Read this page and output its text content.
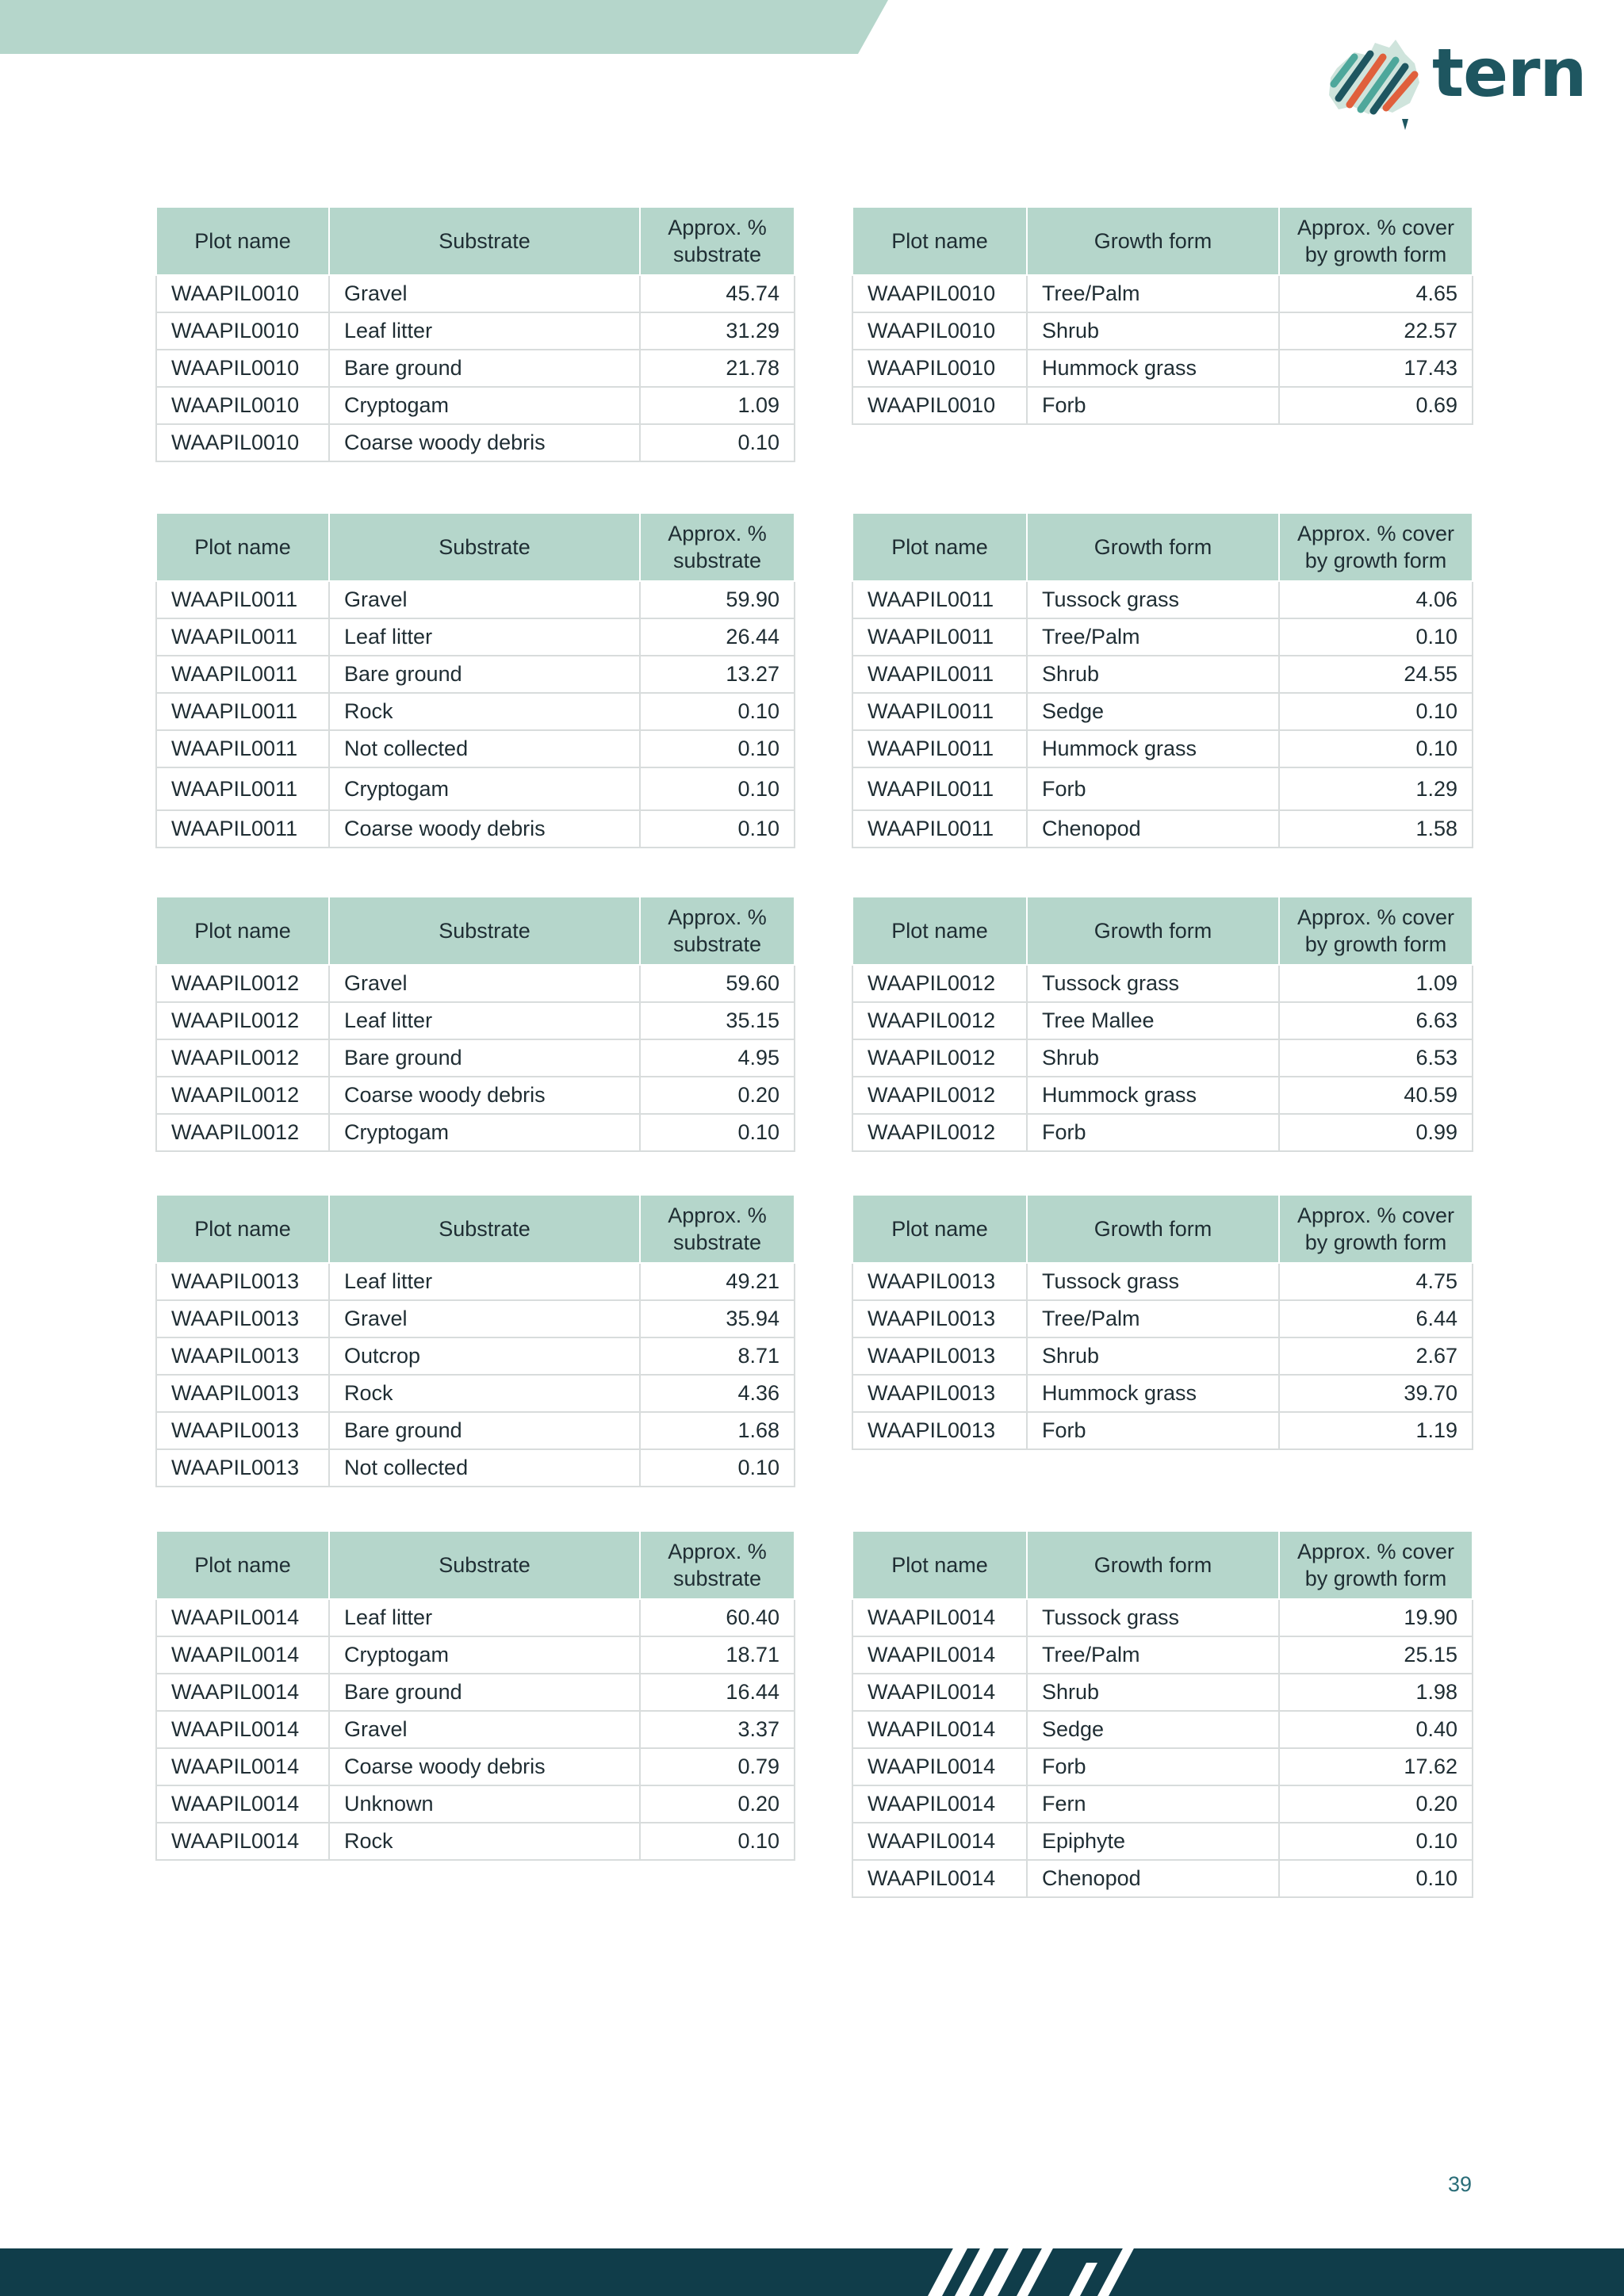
tern
Plot name	Substrate	Approx. % substrate
WAAPIL0010	Gravel	45.74
WAAPIL0010	Leaf litter	31.29
WAAPIL0010	Bare ground	21.78
WAAPIL0010	Cryptogam	1.09
WAAPIL0010	Coarse woody debris	0.10
Plot name	Growth form	Approx. % cover by growth form
WAAPIL0010	Tree/Palm	4.65
WAAPIL0010	Shrub	22.57
WAAPIL0010	Hummock grass	17.43
WAAPIL0010	Forb	0.69
Plot name	Substrate	Approx. % substrate
WAAPIL0011	Gravel	59.90
WAAPIL0011	Leaf litter	26.44
WAAPIL0011	Bare ground	13.27
WAAPIL0011	Rock	0.10
WAAPIL0011	Not collected	0.10
WAAPIL0011	Cryptogam	0.10
WAAPIL0011	Coarse woody debris	0.10
Plot name	Growth form	Approx. % cover by growth form
WAAPIL0011	Tussock grass	4.06
WAAPIL0011	Tree/Palm	0.10
WAAPIL0011	Shrub	24.55
WAAPIL0011	Sedge	0.10
WAAPIL0011	Hummock grass	0.10
WAAPIL0011	Forb	1.29
WAAPIL0011	Chenopod	1.58
Plot name	Substrate	Approx. % substrate
WAAPIL0012	Gravel	59.60
WAAPIL0012	Leaf litter	35.15
WAAPIL0012	Bare ground	4.95
WAAPIL0012	Coarse woody debris	0.20
WAAPIL0012	Cryptogam	0.10
Plot name	Growth form	Approx. % cover by growth form
WAAPIL0012	Tussock grass	1.09
WAAPIL0012	Tree Mallee	6.63
WAAPIL0012	Shrub	6.53
WAAPIL0012	Hummock grass	40.59
WAAPIL0012	Forb	0.99
Plot name	Substrate	Approx. % substrate
WAAPIL0013	Leaf litter	49.21
WAAPIL0013	Gravel	35.94
WAAPIL0013	Outcrop	8.71
WAAPIL0013	Rock	4.36
WAAPIL0013	Bare ground	1.68
WAAPIL0013	Not collected	0.10
Plot name	Growth form	Approx. % cover by growth form
WAAPIL0013	Tussock grass	4.75
WAAPIL0013	Tree/Palm	6.44
WAAPIL0013	Shrub	2.67
WAAPIL0013	Hummock grass	39.70
WAAPIL0013	Forb	1.19
Plot name	Substrate	Approx. % substrate
WAAPIL0014	Leaf litter	60.40
WAAPIL0014	Cryptogam	18.71
WAAPIL0014	Bare ground	16.44
WAAPIL0014	Gravel	3.37
WAAPIL0014	Coarse woody debris	0.79
WAAPIL0014	Unknown	0.20
WAAPIL0014	Rock	0.10
Plot name	Growth form	Approx. % cover by growth form
WAAPIL0014	Tussock grass	19.90
WAAPIL0014	Tree/Palm	25.15
WAAPIL0014	Shrub	1.98
WAAPIL0014	Sedge	0.40
WAAPIL0014	Forb	17.62
WAAPIL0014	Fern	0.20
WAAPIL0014	Epiphyte	0.10
WAAPIL0014	Chenopod	0.10
39
